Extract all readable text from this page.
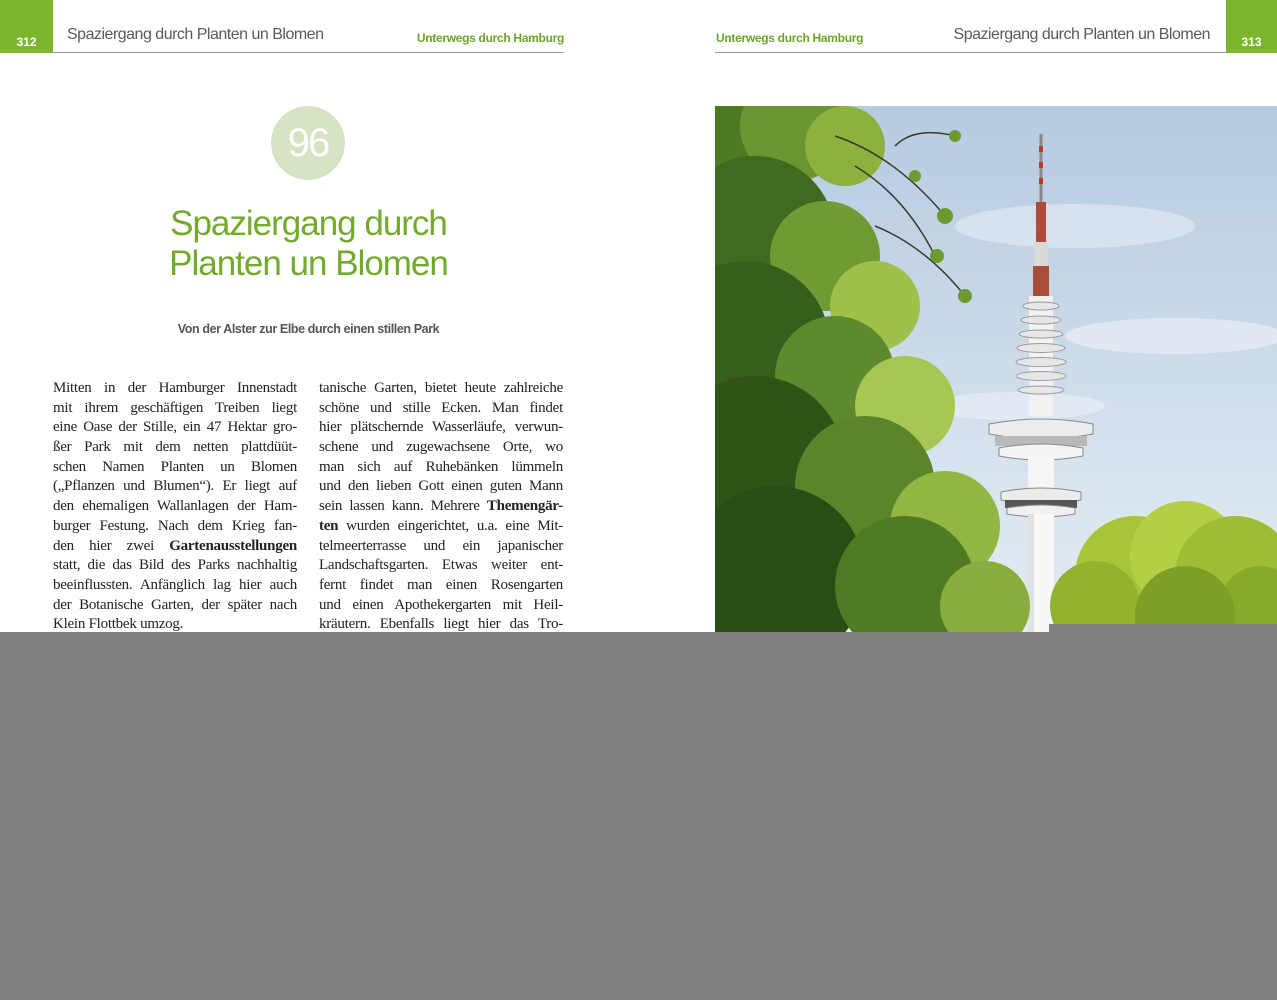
312	Spaziergang durch Planten un Blomen	Unterwegs durch Hamburg	Unterwegs durch Hamburg	Spaziergang durch Planten un Blomen	313
96
Spaziergang durch
Planten un Blomen
Von der Alster zur Elbe durch einen stillen Park
Mitten in der Hamburger Innenstadt
mit ihrem geschäftigen Treiben liegt
eine Oase der Stille, ein 47 Hektar gro-
ßer Park mit dem netten plattdüüt-
schen Namen Planten un Blomen
(„Pflanzen und Blumen“). Er liegt auf
den ehemaligen Wallanlagen der Ham-
burger Festung. Nach dem Krieg fan-
den hier zwei Gartenausstellungen
statt, die das Bild des Parks nachhaltig
beeinflussten. Anfänglich lag hier auch
der Botanische Garten, der später nach
Klein Flottbek umzog.
tanische Garten, bietet heute zahlreiche
schöne und stille Ecken. Man findet
hier plätschernde Wasserläufe, verwun-
schene und zugewachsene Orte, wo
man sich auf Ruhebänken lümmeln
und den lieben Gott einen guten Mann
sein lassen kann. Mehrere Themengär-
ten wurden eingerichtet, u.a. eine Mit-
telmeerterrasse und ein japanischer
Landschaftsgarten. Etwas weiter ent-
fernt findet man einen Rosengarten
und einen Apothekergarten mit Heil-
kräutern. Ebenfalls liegt hier das Tro-
